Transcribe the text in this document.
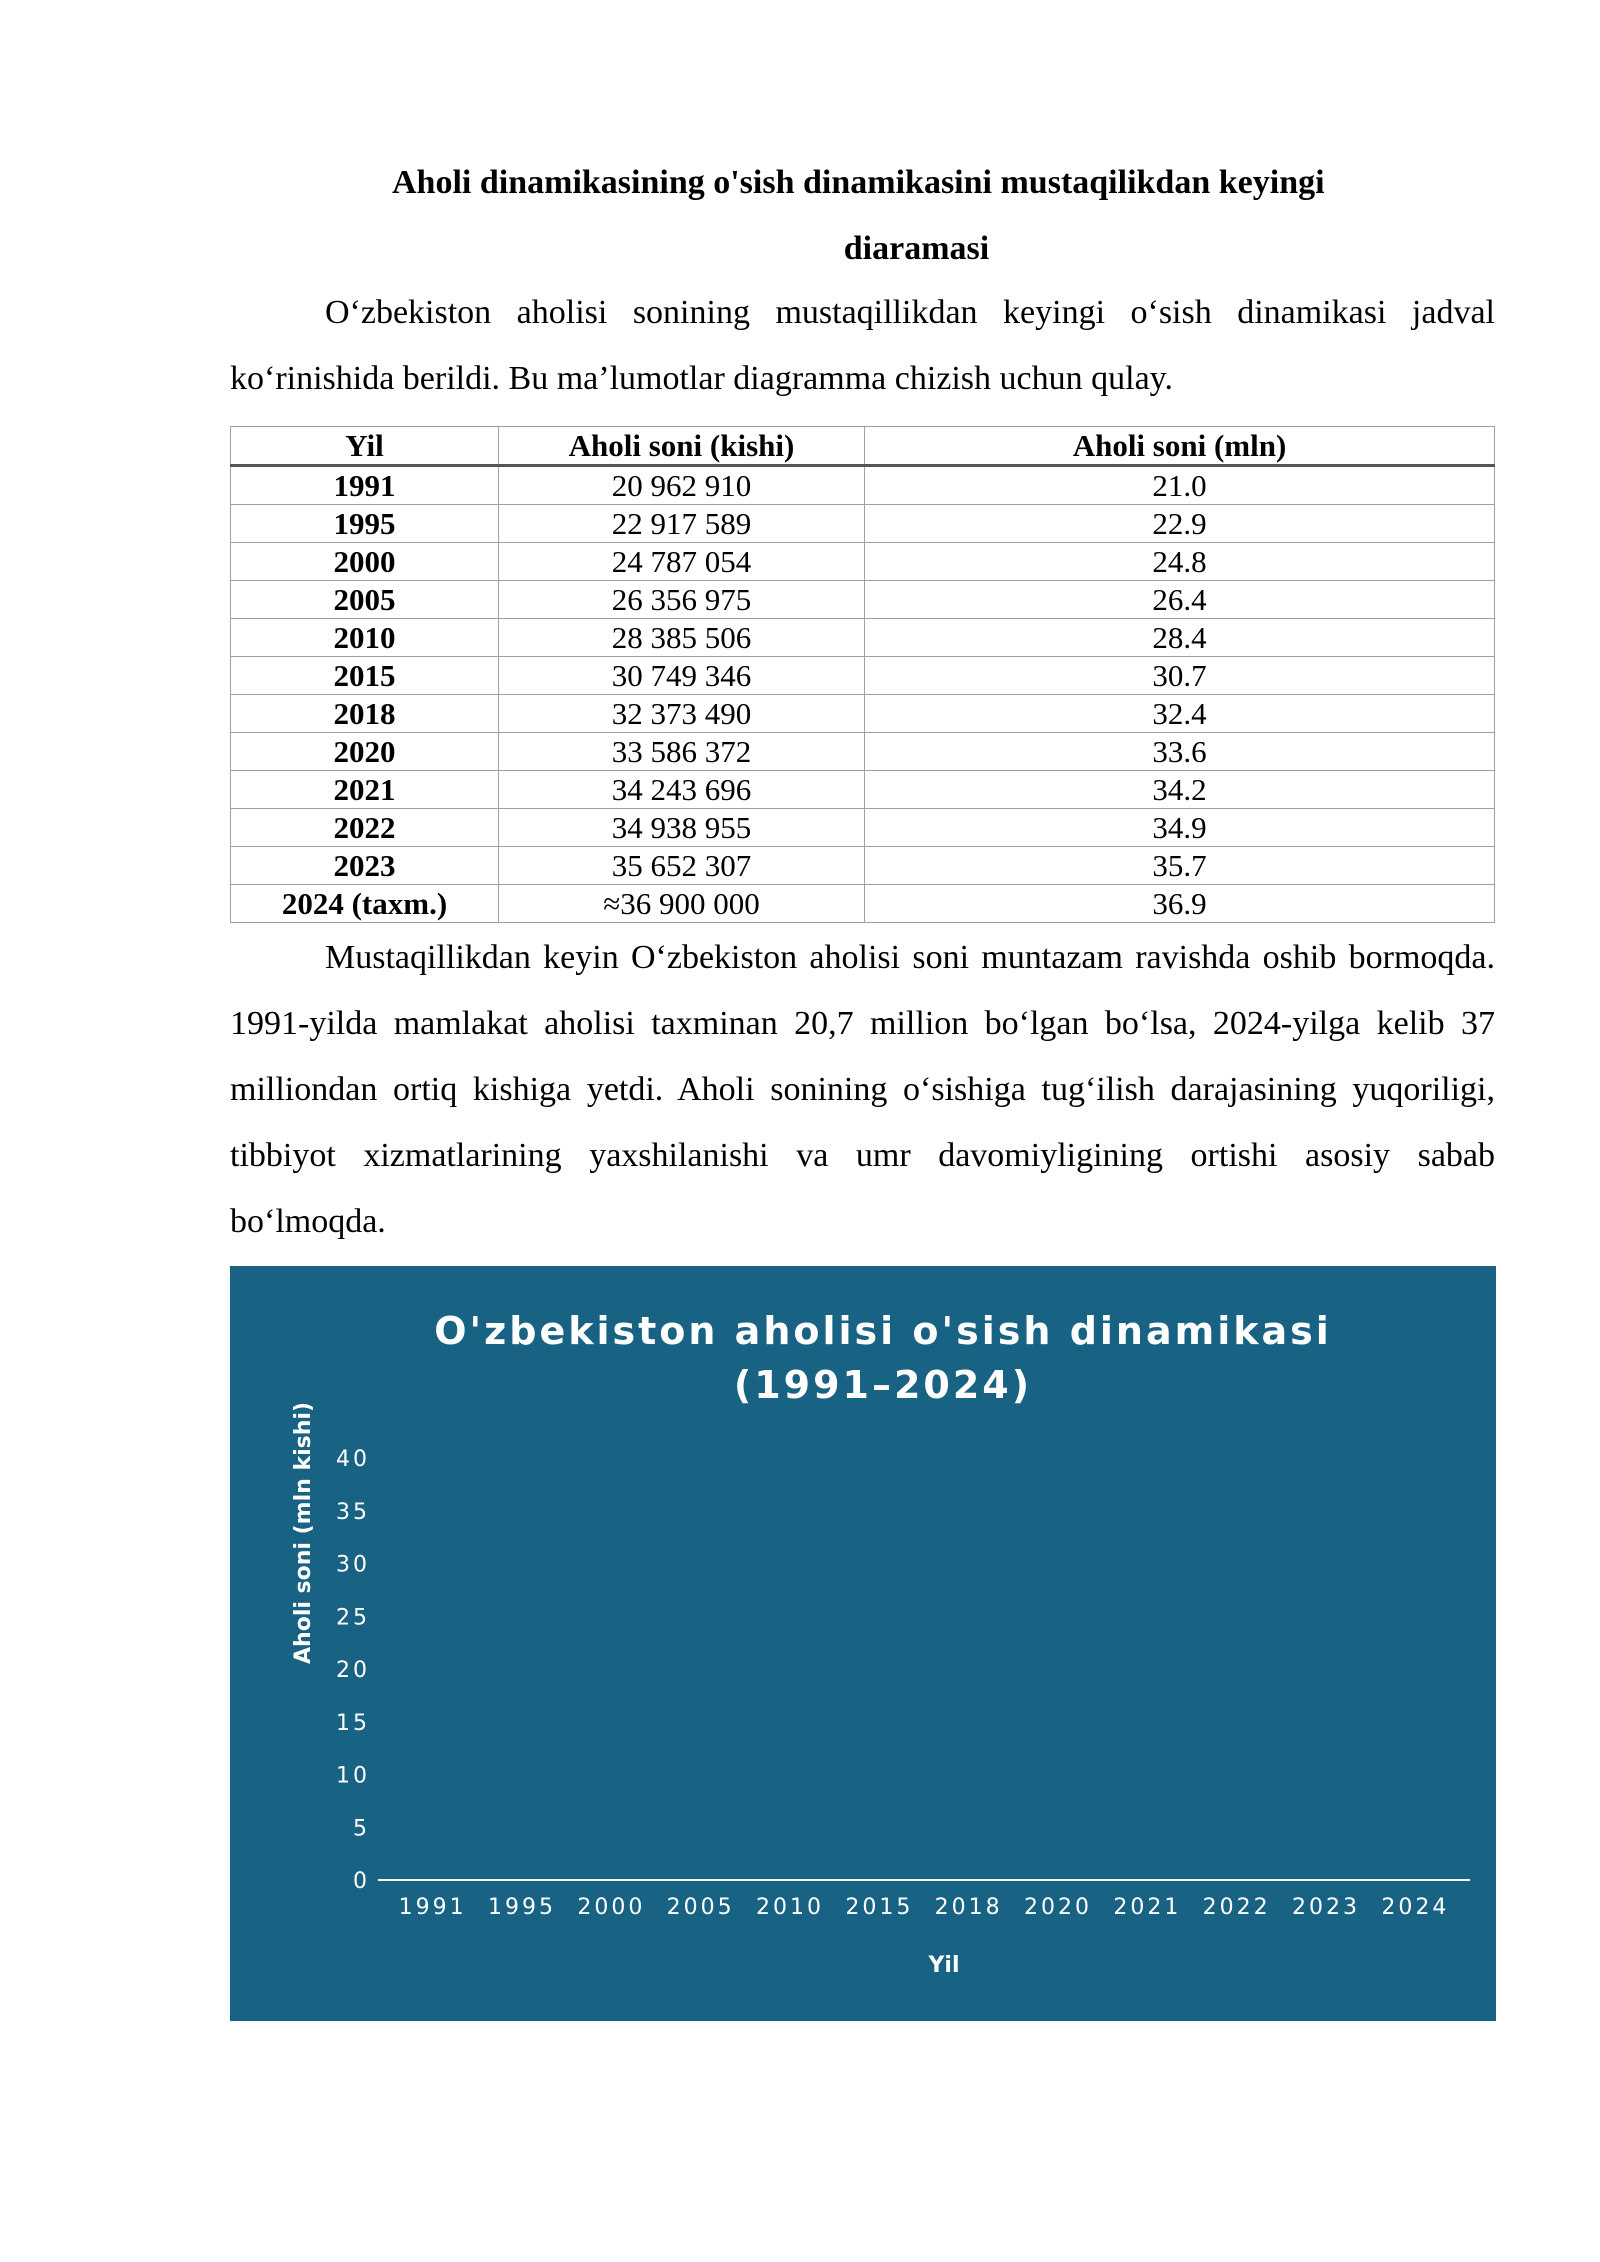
Aholi dinamikasining o'sish dinamikasini mustaqilikdan keyingi
diaramasi

O‘zbekiston aholisi sonining mustaqillikdan keyingi o‘sish dinamikasi jadval ko‘rinishida berildi. Bu ma’lumotlar diagramma chizish uchun qulay.

Yil	Aholi soni (kishi)	Aholi soni (mln)
1991	20 962 910	21.0
1995	22 917 589	22.9
2000	24 787 054	24.8
2005	26 356 975	26.4
2010	28 385 506	28.4
2015	30 749 346	30.7
2018	32 373 490	32.4
2020	33 586 372	33.6
2021	34 243 696	34.2
2022	34 938 955	34.9
2023	35 652 307	35.7
2024 (taxm.)	≈36 900 000	36.9

Mustaqillikdan keyin O‘zbekiston aholisi soni muntazam ravishda oshib bormoqda. 1991-yilda mamlakat aholisi taxminan 20,7 million bo‘lgan bo‘lsa, 2024-yilga kelib 37 milliondan ortiq kishiga yetdi. Aholi sonining o‘sishiga tug‘ilish darajasining yuqoriligi, tibbiyot xizmatlarining yaxshilanishi va umr davomiyligining ortishi asosiy sabab bo‘lmoqda.

O'zbekiston aholisi o'sish dinamikasi
(1991–2024)
Aholi soni (mln kishi)
0
5
10
15
20
25
30
35
40
1991 1995 2000 2005 2010 2015 2018 2020 2021 2022 2023 2024
Yil
